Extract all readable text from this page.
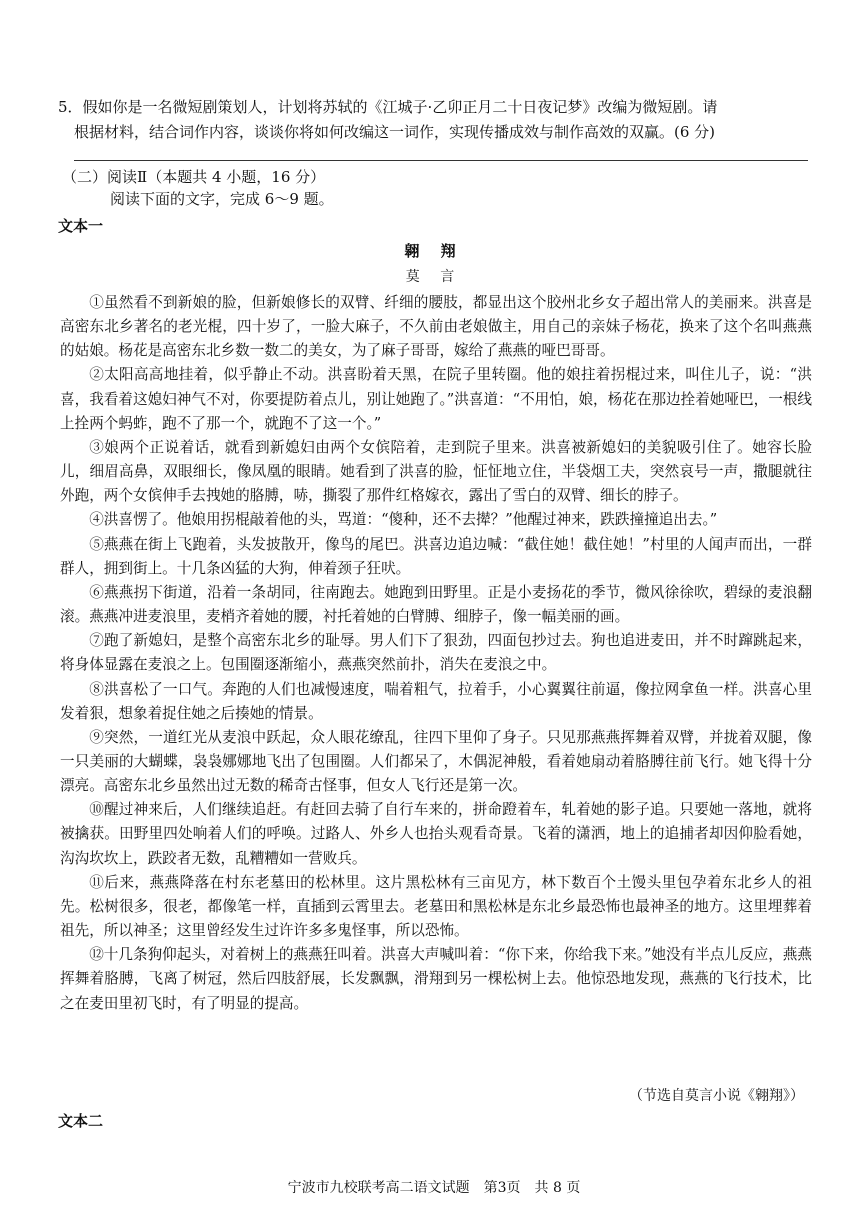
5．假如你是一名微短剧策划人，计划将苏轼的《江城子·乙卯正月二十日夜记梦》改编为微短剧。请

根据材料，结合词作内容，谈谈你将如何改编这一词作，实现传播成效与制作高效的双赢。(6 分)

（二）阅读Ⅱ（本题共 4 小题，16 分）
阅读下面的文字，完成 6～9 题。
文本一
翱 翔
莫 言

①虽然看不到新娘的脸，但新娘修长的双臂、纤细的腰肢，都显出这个胶州北乡女子超出常人的美丽来。洪喜是高密东北乡著名的老光棍，四十岁了，一脸大麻子，不久前由老娘做主，用自己的亲妹子杨花，换来了这个名叫燕燕的姑娘。杨花是高密东北乡数一数二的美女，为了麻子哥哥，嫁给了燕燕的哑巴哥哥。

②太阳高高地挂着，似乎静止不动。洪喜盼着天黑，在院子里转圈。他的娘拄着拐棍过来，叫住儿子，说：“洪喜，我看着这媳妇神气不对，你要提防着点儿，别让她跑了。”洪喜道：“不用怕，娘，杨花在那边拴着她哑巴，一根线上拴两个蚂蚱，跑不了那一个，就跑不了这一个。”

③娘两个正说着话，就看到新媳妇由两个女傧陪着，走到院子里来。洪喜被新媳妇的美貌吸引住了。她容长脸儿，细眉高鼻，双眼细长，像凤凰的眼睛。她看到了洪喜的脸，怔怔地立住，半袋烟工夫，突然哀号一声，撒腿就往外跑，两个女傧伸手去拽她的胳膊，哧，撕裂了那件红格嫁衣，露出了雪白的双臂、细长的脖子。

④洪喜愣了。他娘用拐棍敲着他的头，骂道：“傻种，还不去撵？”他醒过神来，跌跌撞撞追出去。”

⑤燕燕在街上飞跑着，头发披散开，像鸟的尾巴。洪喜边追边喊：“截住她！截住她！”村里的人闻声而出，一群群人，拥到街上。十几条凶猛的大狗，伸着颈子狂吠。

⑥燕燕拐下街道，沿着一条胡同，往南跑去。她跑到田野里。正是小麦扬花的季节，微风徐徐吹，碧绿的麦浪翻滚。燕燕冲进麦浪里，麦梢齐着她的腰，衬托着她的白臂膊、细脖子，像一幅美丽的画。

⑦跑了新媳妇，是整个高密东北乡的耻辱。男人们下了狠劲，四面包抄过去。狗也追进麦田，并不时蹿跳起来，将身体显露在麦浪之上。包围圈逐渐缩小，燕燕突然前扑，消失在麦浪之中。

⑧洪喜松了一口气。奔跑的人们也减慢速度，喘着粗气，拉着手，小心翼翼往前逼，像拉网拿鱼一样。洪喜心里发着狠，想象着捉住她之后揍她的情景。

⑨突然，一道红光从麦浪中跃起，众人眼花缭乱，往四下里仰了身子。只见那燕燕挥舞着双臂，并拢着双腿，像一只美丽的大蝴蝶，袅袅娜娜地飞出了包围圈。人们都呆了，木偶泥神般，看着她扇动着胳膊往前飞行。她飞得十分漂亮。高密东北乡虽然出过无数的稀奇古怪事，但女人飞行还是第一次。

⑩醒过神来后，人们继续追赶。有赶回去骑了自行车来的，拼命蹬着车，轧着她的影子追。只要她一落地，就将被擒获。田野里四处响着人们的呼唤。过路人、外乡人也抬头观看奇景。飞着的潇洒，地上的追捕者却因仰脸看她，沟沟坎坎上，跌跤者无数，乱糟糟如一营败兵。

⑪后来，燕燕降落在村东老墓田的松林里。这片黑松林有三亩见方，林下数百个土馒头里包孕着东北乡人的祖先。松树很多，很老，都像笔一样，直插到云霄里去。老墓田和黑松林是东北乡最恐怖也最神圣的地方。这里埋葬着祖先，所以神圣；这里曾经发生过许许多多鬼怪事，所以恐怖。

⑫十几条狗仰起头，对着树上的燕燕狂叫着。洪喜大声喊叫着：“你下来，你给我下来。”她没有半点儿反应，燕燕挥舞着胳膊，飞离了树冠，然后四肢舒展，长发飘飘，滑翔到另一棵松树上去。他惊恐地发现，燕燕的飞行技术，比之在麦田里初飞时，有了明显的提高。

（节选自莫言小说《翱翔》）
文本二
宁波市九校联考高二语文试题　第3页　共 8 页
